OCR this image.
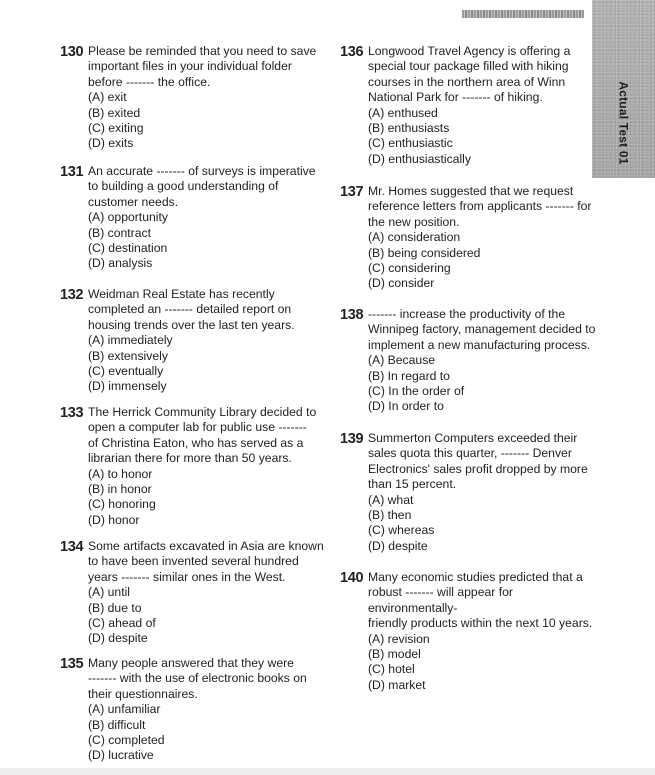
Actual Test 01
130 Please be reminded that you need to save
important files in your individual folder
before ------- the office.
(A) exit
(B) exited
(C) exiting
(D) exits
131 An accurate ------- of surveys is imperative
to building a good understanding of
customer needs.
(A) opportunity
(B) contract
(C) destination
(D) analysis
132 Weidman Real Estate has recently
completed an ------- detailed report on
housing trends over the last ten years.
(A) immediately
(B) extensively
(C) eventually
(D) immensely
133 The Herrick Community Library decided to
open a computer lab for public use -------
of Christina Eaton, who has served as a
librarian there for more than 50 years.
(A) to honor
(B) in honor
(C) honoring
(D) honor
134 Some artifacts excavated in Asia are known
to have been invented several hundred
years ------- similar ones in the West.
(A) until
(B) due to
(C) ahead of
(D) despite
135 Many people answered that they were
------- with the use of electronic books on
their questionnaires.
(A) unfamiliar
(B) difficult
(C) completed
(D) lucrative
136 Longwood Travel Agency is offering a
special tour package filled with hiking
courses in the northern area of Winn
National Park for ------- of hiking.
(A) enthused
(B) enthusiasts
(C) enthusiastic
(D) enthusiastically
137 Mr. Homes suggested that we request
reference letters from applicants ------- for
the new position.
(A) consideration
(B) being considered
(C) considering
(D) consider
138 ------- increase the productivity of the
Winnipeg factory, management decided to
implement a new manufacturing process.
(A) Because
(B) In regard to
(C) In the order of
(D) In order to
139 Summerton Computers exceeded their
sales quota this quarter, ------- Denver
Electronics' sales profit dropped by more
than 15 percent.
(A) what
(B) then
(C) whereas
(D) despite
140 Many economic studies predicted that a
robust ------- will appear for environmentally-
friendly products within the next 10 years.
(A) revision
(B) model
(C) hotel
(D) market
